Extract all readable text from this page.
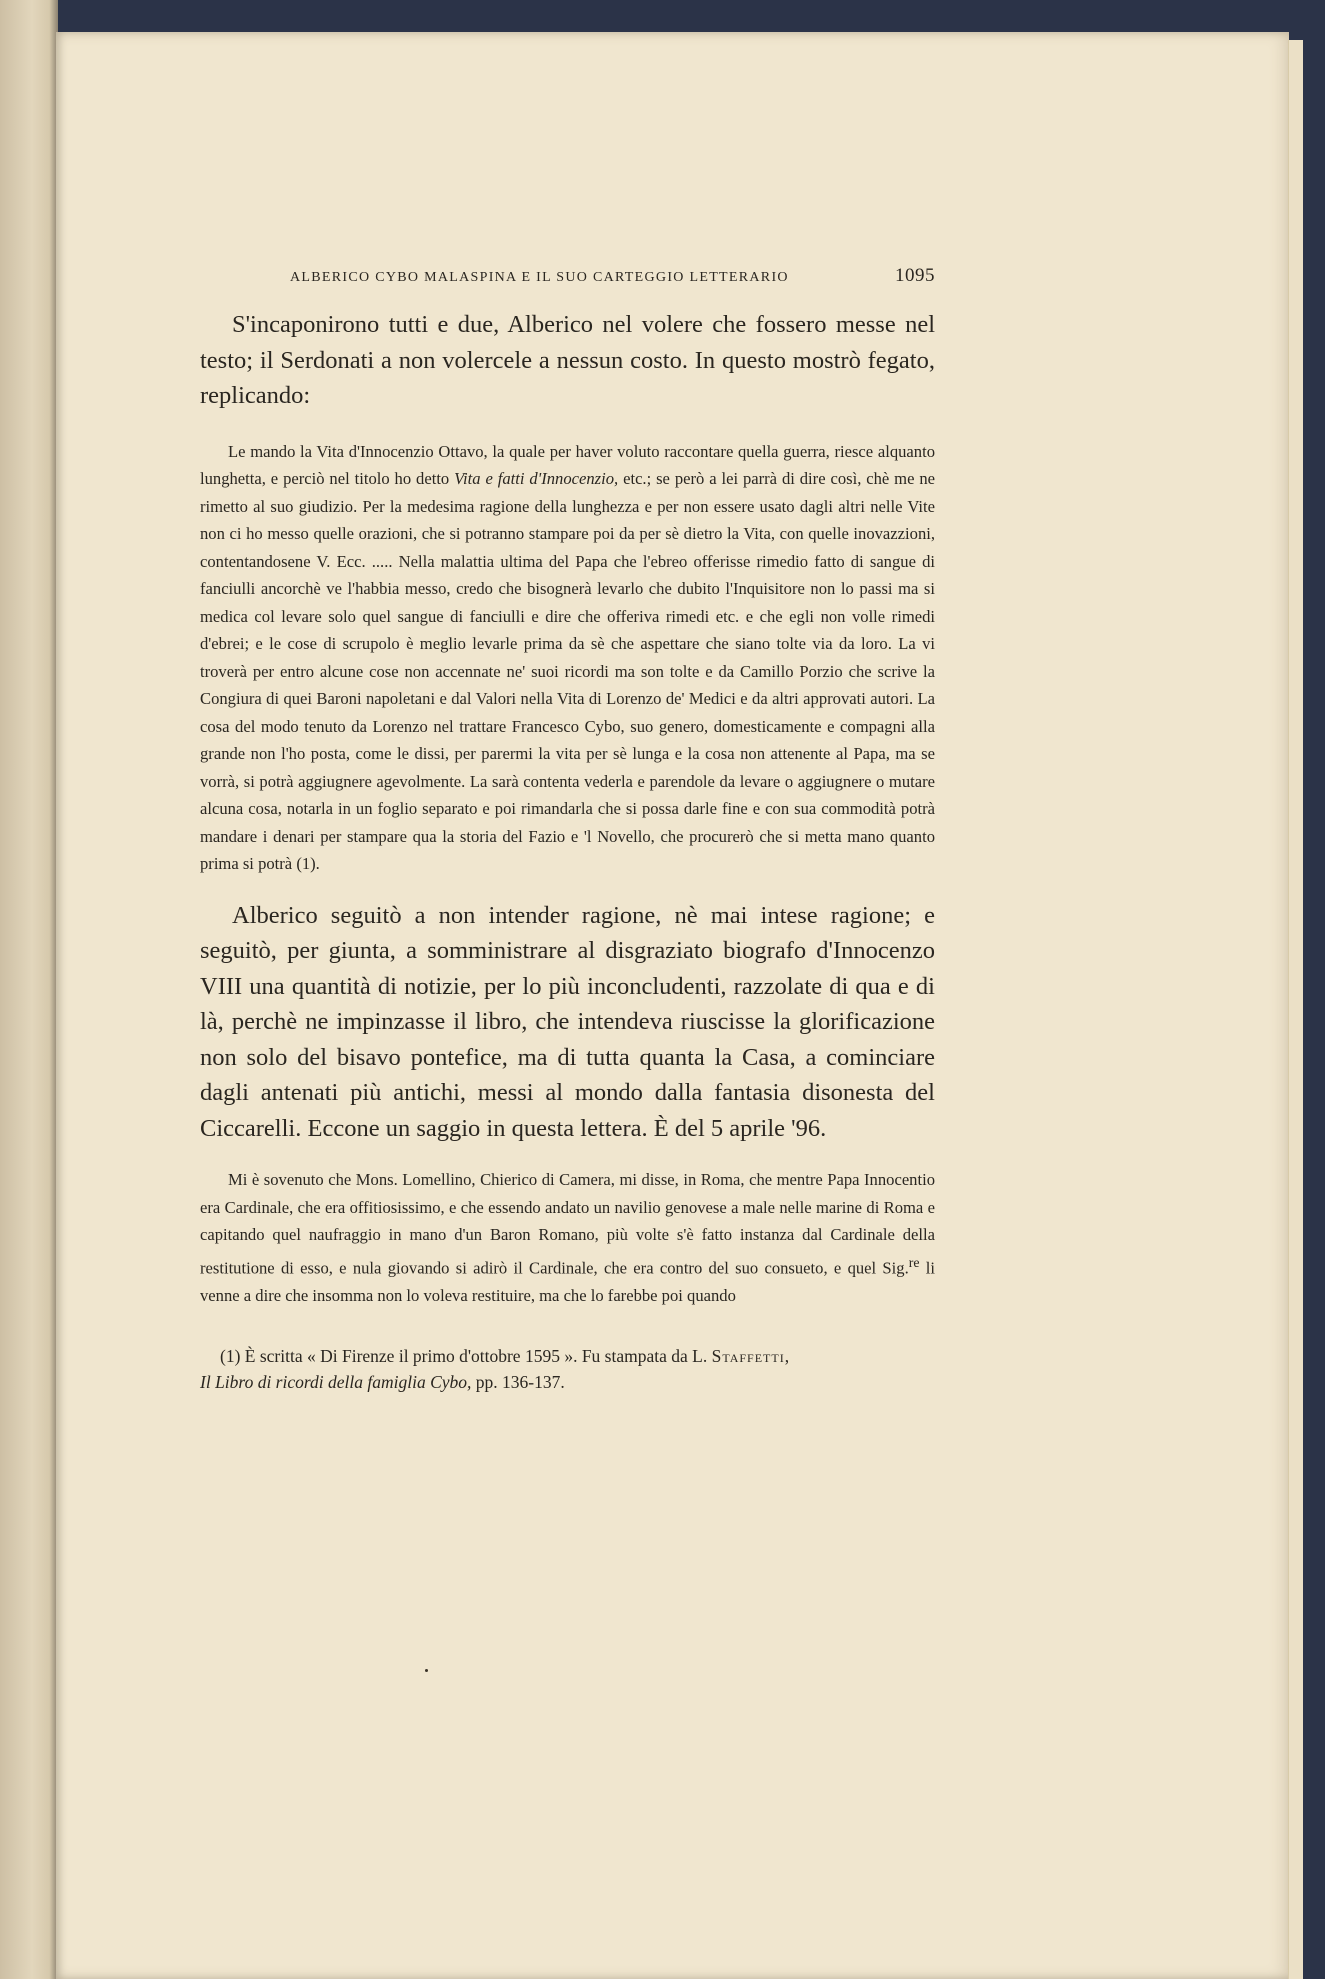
ALBERICO CYBO MALASPINA E IL SUO CARTEGGIO LETTERARIO	1095

S'incaponirono tutti e due, Alberico nel volere che fossero messe nel testo; il Serdonati a non volercele a nessun costo. In questo mostrò fegato, replicando:

Le mando la Vita d'Innocenzio Ottavo, la quale per haver voluto raccontare quella guerra, riesce alquanto lunghetta, e perciò nel titolo ho detto Vita e fatti d'Innocenzio, etc.; se però a lei parrà di dire così, chè me ne rimetto al suo giudizio. Per la medesima ragione della lunghezza e per non essere usato dagli altri nelle Vite non ci ho messo quelle orazioni, che si potranno stampare poi da per sè dietro la Vita, con quelle inovazzioni, contentandosene V. Ecc. ..... Nella malattia ultima del Papa che l'ebreo offerisse rimedio fatto di sangue di fanciulli ancorchè ve l'habbia messo, credo che bisognerà levarlo che dubito l'Inquisitore non lo passi ma si medica col levare solo quel sangue di fanciulli e dire che offeriva rimedi etc. e che egli non volle rimedi d'ebrei; e le cose di scrupolo è meglio levarle prima da sè che aspettare che siano tolte via da loro. La vi troverà per entro alcune cose non accennate ne' suoi ricordi ma son tolte e da Camillo Porzio che scrive la Congiura di quei Baroni napoletani e dal Valori nella Vita di Lorenzo de' Medici e da altri approvati autori. La cosa del modo tenuto da Lorenzo nel trattare Francesco Cybo, suo genero, domesticamente e compagni alla grande non l'ho posta, come le dissi, per parermi la vita per sè lunga e la cosa non attenente al Papa, ma se vorrà, si potrà aggiugnere agevolmente. La sarà contenta vederla e parendole da levare o aggiugnere o mutare alcuna cosa, notarla in un foglio separato e poi rimandarla che si possa darle fine e con sua commodità potrà mandare i denari per stampare qua la storia del Fazio e 'l Novello, che procurerò che si metta mano quanto prima si potrà (1).

Alberico seguitò a non intender ragione, nè mai intese ragione; e seguitò, per giunta, a somministrare al disgraziato biografo d'Innocenzo VIII una quantità di notizie, per lo più inconcludenti, razzolate di qua e di là, perchè ne impinzasse il libro, che intendeva riuscisse la glorificazione non solo del bisavo pontefice, ma di tutta quanta la Casa, a cominciare dagli antenati più antichi, messi al mondo dalla fantasia disonesta del Ciccarelli. Eccone un saggio in questa lettera. È del 5 aprile '96.

Mi è sovenuto che Mons. Lomellino, Chierico di Camera, mi disse, in Roma, che mentre Papa Innocentio era Cardinale, che era offitiosissimo, e che essendo andato un navilio genovese a male nelle marine di Roma e capitando quel naufraggio in mano d'un Baron Romano, più volte s'è fatto instanza dal Cardinale della restitutione di esso, e nula giovando si adirò il Cardinale, che era contro del suo consueto, e quel Sig.$^{re}$ li venne a dire che insomma non lo voleva restituire, ma che lo farebbe poi quando

(1) È scritta « Di Firenze il primo d'ottobre 1595 ». Fu stampata da L. Staffetti,
Il Libro di ricordi della famiglia Cybo, pp. 136-137.
